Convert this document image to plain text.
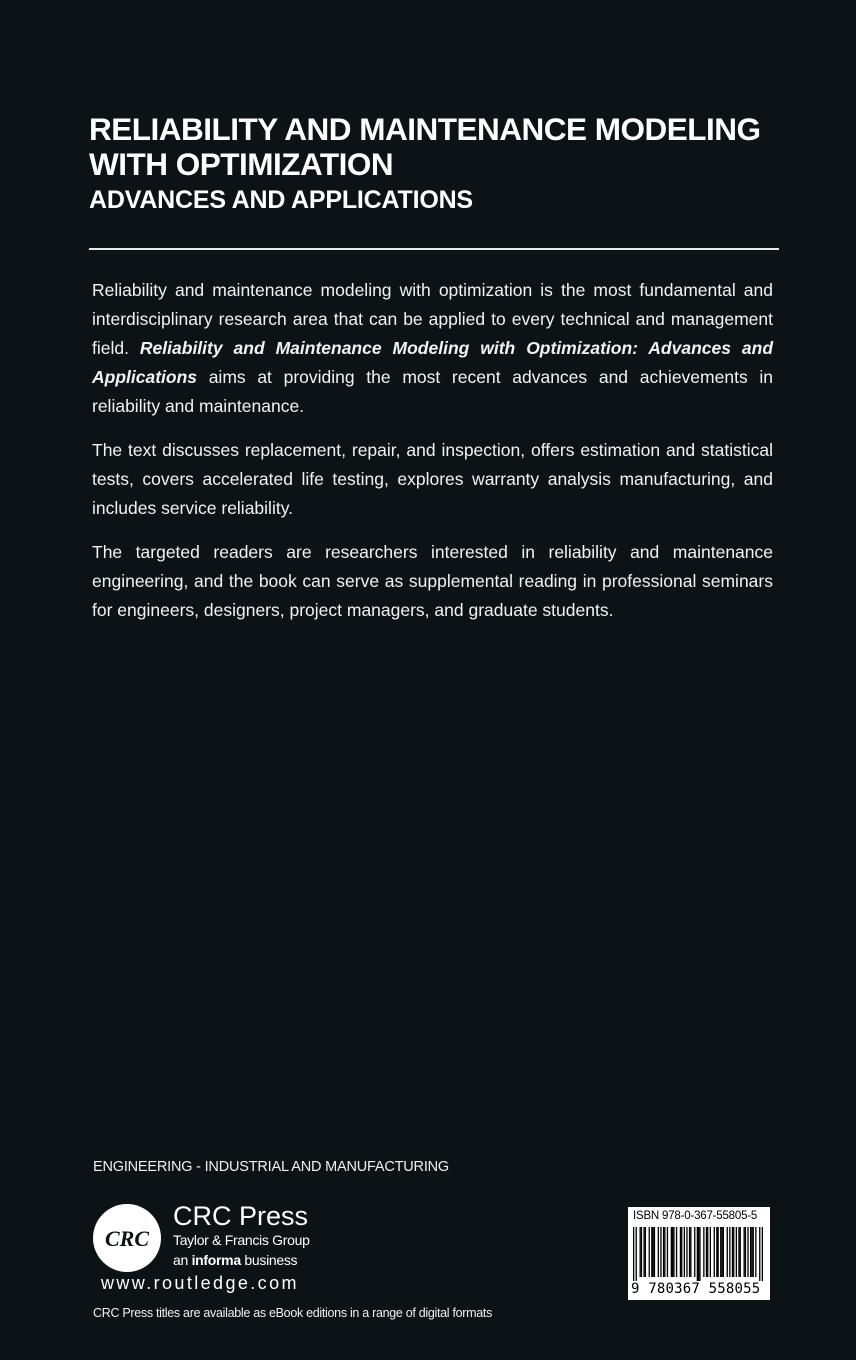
RELIABILITY AND MAINTENANCE MODELING
WITH OPTIMIZATION
ADVANCES AND APPLICATIONS

Reliability and maintenance modeling with optimization is the most fundamental and interdisciplinary research area that can be applied to every technical and management field. Reliability and Maintenance Modeling with Optimization: Advances and Applications aims at providing the most recent advances and achievements in reliability and maintenance.

The text discusses replacement, repair, and inspection, offers estimation and statistical tests, covers accelerated life testing, explores warranty analysis manufacturing, and includes service reliability.

The targeted readers are researchers interested in reliability and maintenance engineering, and the book can serve as supplemental reading in professional seminars for engineers, designers, project managers, and graduate students.

ENGINEERING - INDUSTRIAL AND MANUFACTURING
CRC
CRC Press
Taylor & Francis Group
an informa business
www.routledge.com
CRC Press titles are available as eBook editions in a range of digital formats
ISBN 978-0-367-55805-5
9 780367 558055
